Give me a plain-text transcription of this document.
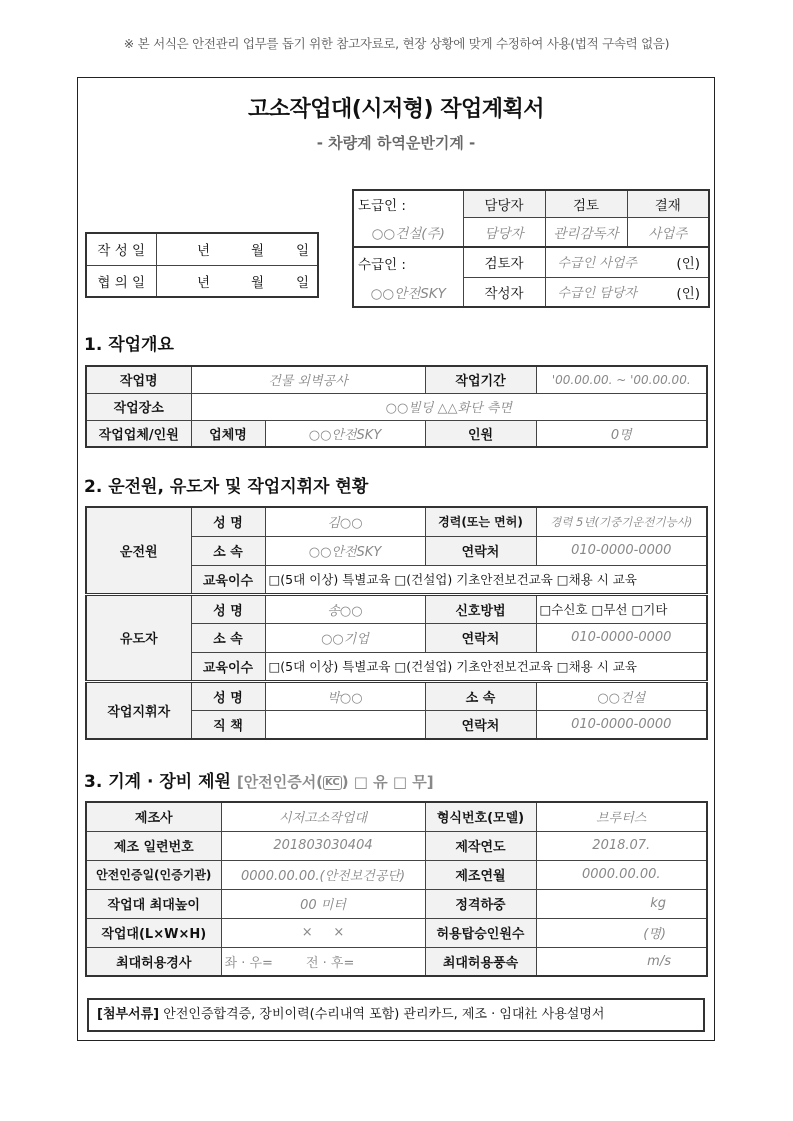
※ 본 서식은 안전관리 업무를 돕기 위한 참고자료로, 현장 상황에 맞게 수정하여 사용(법적 구속력 없음)
고소작업대(시저형) 작업계획서
- 차량계 하역운반기계 -
작 성 일	년	월	일
협 의 일	년	월	일
도급인 :	담당자	검토	결재
○○건설(주)	담당자	관리감독자	사업주
수급인 :	검토자	수급인 사업주 (인)	

○○안전SKY	작성자	수급인 담당자 (인)	
1. 작업개요
작업명	건물 외벽공사		작업기간	'00.00.00. ~ '00.00.00.
작업장소	○○빌딩 △△화단 측면			
작업업체/인원	업체명	○○안전SKY	인원	0명
2. 운전원, 유도자 및 작업지휘자 현황
운전원	성 명	김○○	경력(또는 면허)	경력 5년(기중기운전기능사)
	소 속	○○안전SKY	연락처	010-0000-0000
	교육이수	□(5대 이상) 특별교육 □(건설업) 기초안전보건교육 □채용 시 교육		
유도자	성 명	송○○	신호방법	□수신호 □무선 □기타
	소 속	○○기업	연락처	010-0000-0000
	교육이수	□(5대 이상) 특별교육 □(건설업) 기초안전보건교육 □채용 시 교육		
작업지휘자	성 명	박○○	소 속	○○건설
	직 책		연락처	010-0000-0000
3. 기계 · 장비 제원 [안전인증서( KC ) □ 유 □ 무]
제조사	시저고소작업대	형식번호(모델)	브루터스
제조 일련번호	201803030404	제작연도	2018.07.
안전인증일(인증기관)	0000.00.00.(안전보건공단)	제조연월	0000.00.00.
작업대 최대높이	00 미터	정격하중	kg
작업대(L×W×H)	×     ×	허용탑승인원수	(명)
최대허용경사	좌 · 우=        전 · 후=	최대허용풍속	m/s
[첨부서류] 안전인증합격증, 장비이력(수리내역 포함) 관리카드, 제조 · 임대社 사용설명서
